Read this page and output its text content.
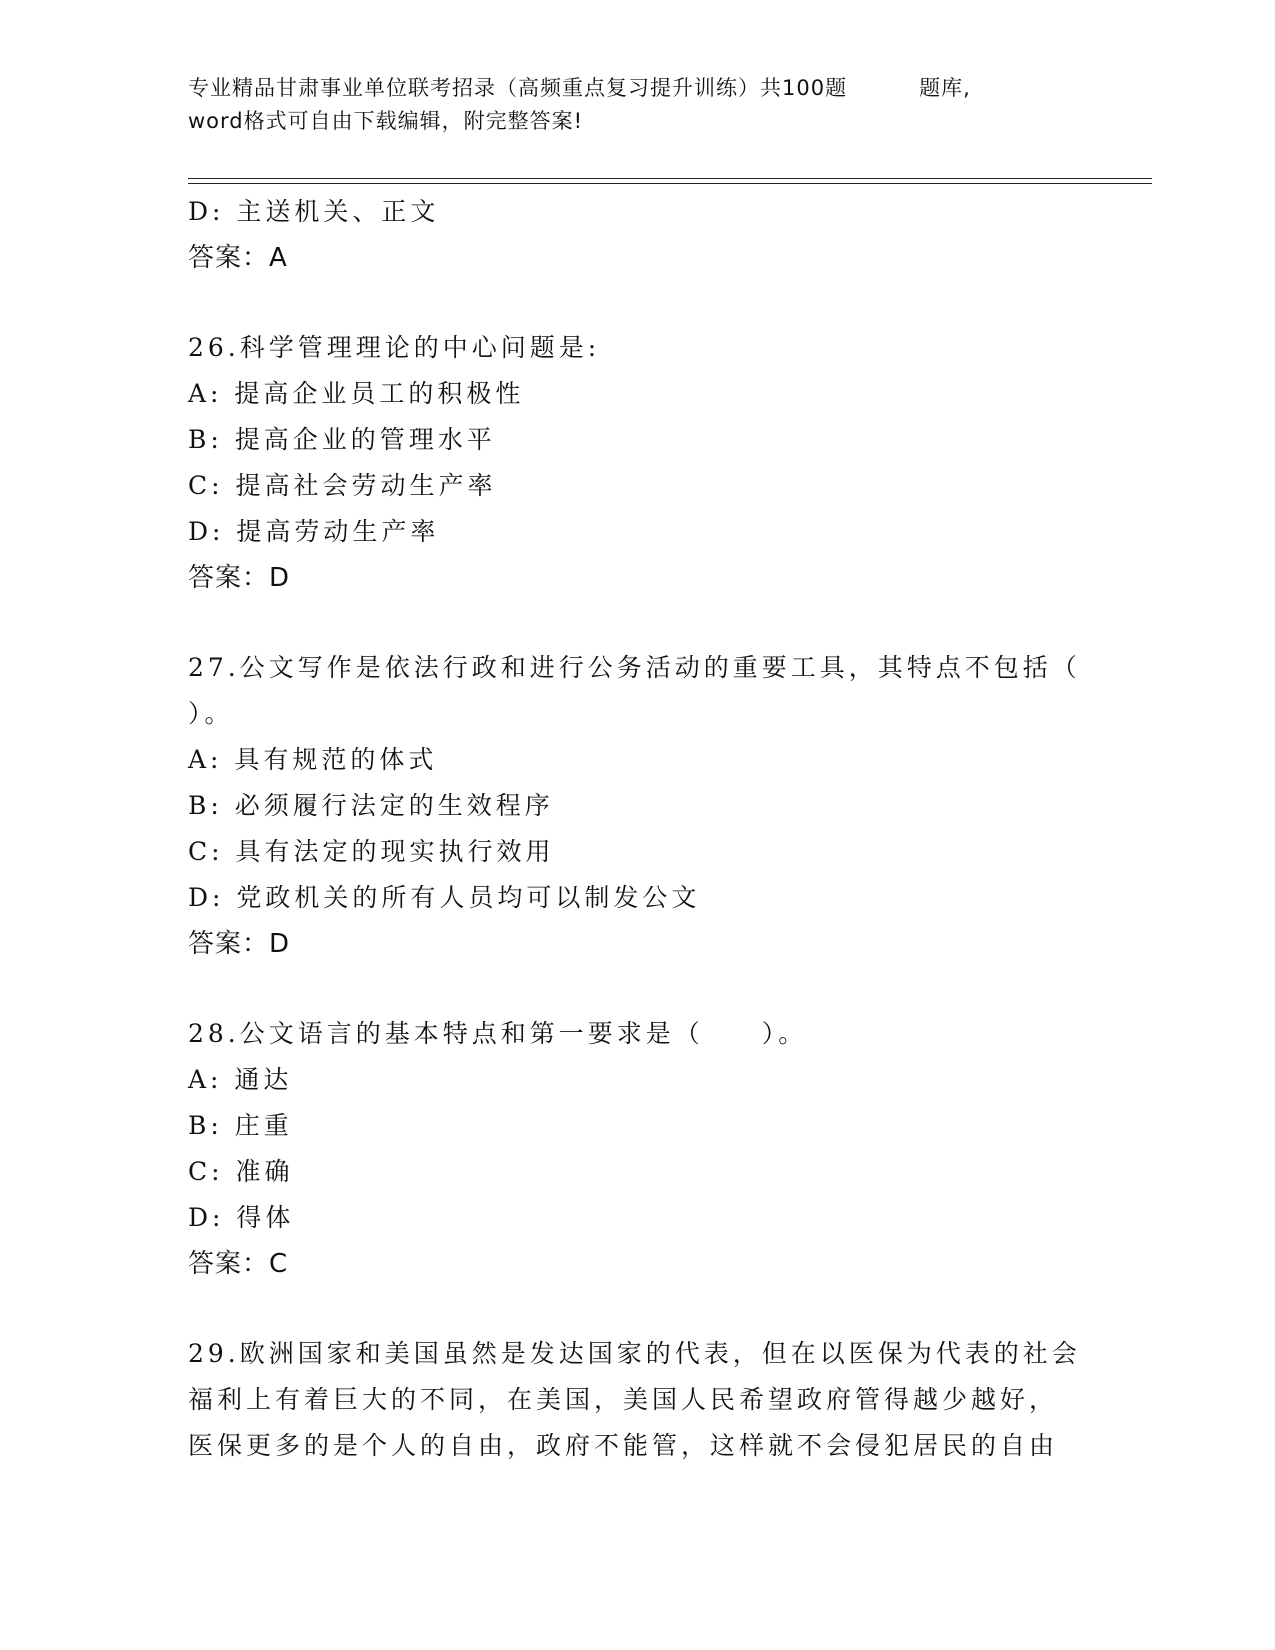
专业精品甘肃事业单位联考招录（高频重点复习提升训练）共100题	题库,
word格式可自由下载编辑，附完整答案!
D: 主送机关、正文
答案：A
26.科学管理理论的中心问题是:
A: 提高企业员工的积极性
B: 提高企业的管理水平
C: 提高社会劳动生产率
D: 提高劳动生产率
答案：D
27.公文写作是依法行政和进行公务活动的重要工具，其特点不包括（
）。
A: 具有规范的体式
B: 必须履行法定的生效程序
C: 具有法定的现实执行效用
D: 党政机关的所有人员均可以制发公文
答案：D
28.公文语言的基本特点和第一要求是（　　）。
A: 通达
B: 庄重
C: 准确
D: 得体
答案：C
29.欧洲国家和美国虽然是发达国家的代表，但在以医保为代表的社会
福利上有着巨大的不同，在美国，美国人民希望政府管得越少越好，
医保更多的是个人的自由，政府不能管，这样就不会侵犯居民的自由
